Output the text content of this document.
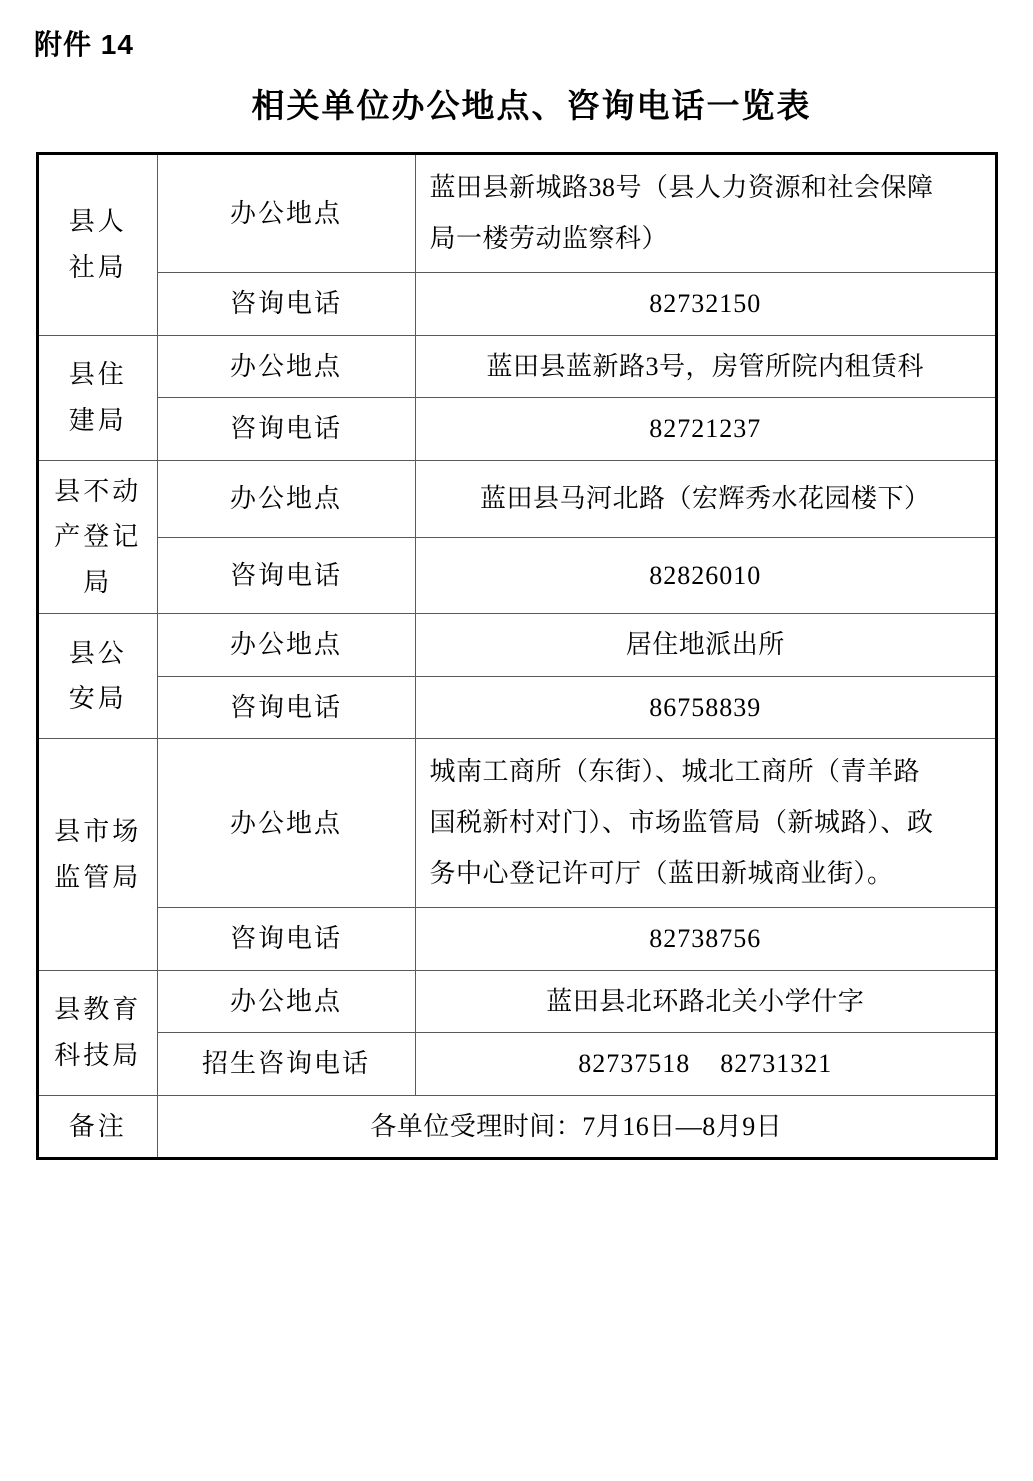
附件 14
相关单位办公地点、咨询电话一览表
县人
社局	办公地点	蓝田县新城路38号（县人力资源和社会保障
局一楼劳动监察科）

	咨询电话	82732150

县住
建局	办公地点	蓝田县蓝新路3号，房管所院内租赁科
	咨询电话	82721237

县不动
产登记
局	办公地点	蓝田县马河北路（宏辉秀水花园楼下）
	咨询电话	82826010

县公
安局	办公地点	居住地派出所
	咨询电话	86758839

县市场
监管局	办公地点	城南工商所（东街）、城北工商所（青羊路
国税新村对门）、市场监管局（新城路）、政
务中心登记许可厅（蓝田新城商业街）。

	咨询电话	82738756

县教育
科技局	办公地点	蓝田县北环路北关小学什字
	招生咨询电话	82737518    82731321
备注	各单位受理时间：7月16日—8月9日	
